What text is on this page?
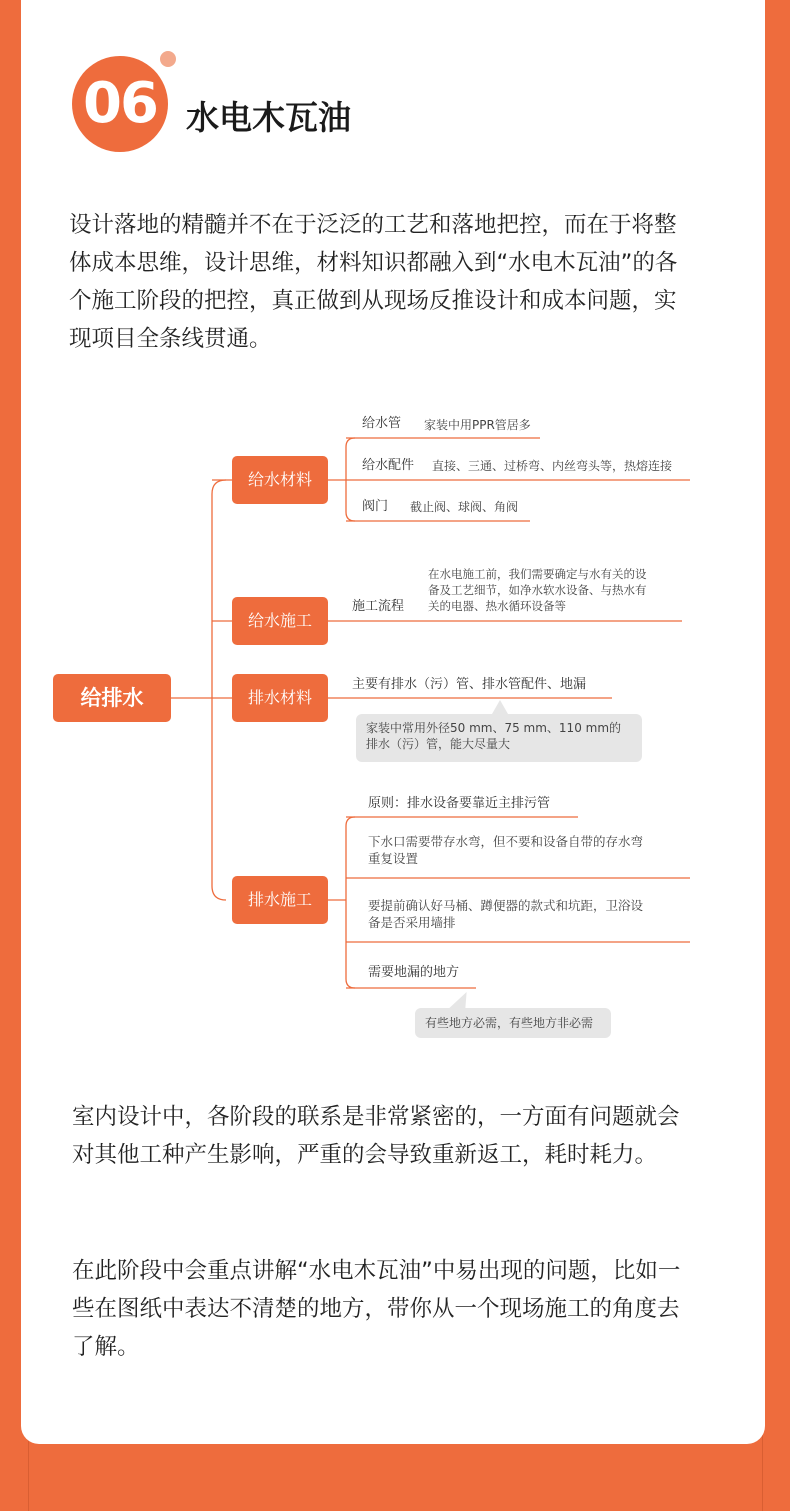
06 水电木瓦油

设计落地的精髓并不在于泛泛的工艺和落地把控，而在于将整体成本思维，设计思维，材料知识都融入到“水电木瓦油”的各个施工阶段的把控，真正做到从现场反推设计和成本问题，实现项目全条线贯通。

室内设计中，各阶段的联系是非常紧密的，一方面有问题就会对其他工种产生影响，严重的会导致重新返工，耗时耗力。

在此阶段中会重点讲解“水电木瓦油”中易出现的问题，比如一些在图纸中表达不清楚的地方，带你从一个现场施工的角度去了解。

给排水
给水材料
给水施工
排水材料
排水施工
给水管 家装中用PPR管居多
给水配件 直接、三通、过桥弯、内丝弯头等，热熔连接
阀门 截止阀、球阀、角阀
施工流程
在水电施工前，我们需要确定与水有关的设
备及工艺细节，如净水软水设备、与热水有
关的电器、热水循环设备等
主要有排水（污）管、排水管配件、地漏
家装中常用外径50 mm、75 mm、110 mm的
排水（污）管，能大尽量大
原则：排水设备要靠近主排污管
下水口需要带存水弯，但不要和设备自带的存水弯
重复设置
要提前确认好马桶、蹲便器的款式和坑距，卫浴设
备是否采用墙排
需要地漏的地方
有些地方必需，有些地方非必需
